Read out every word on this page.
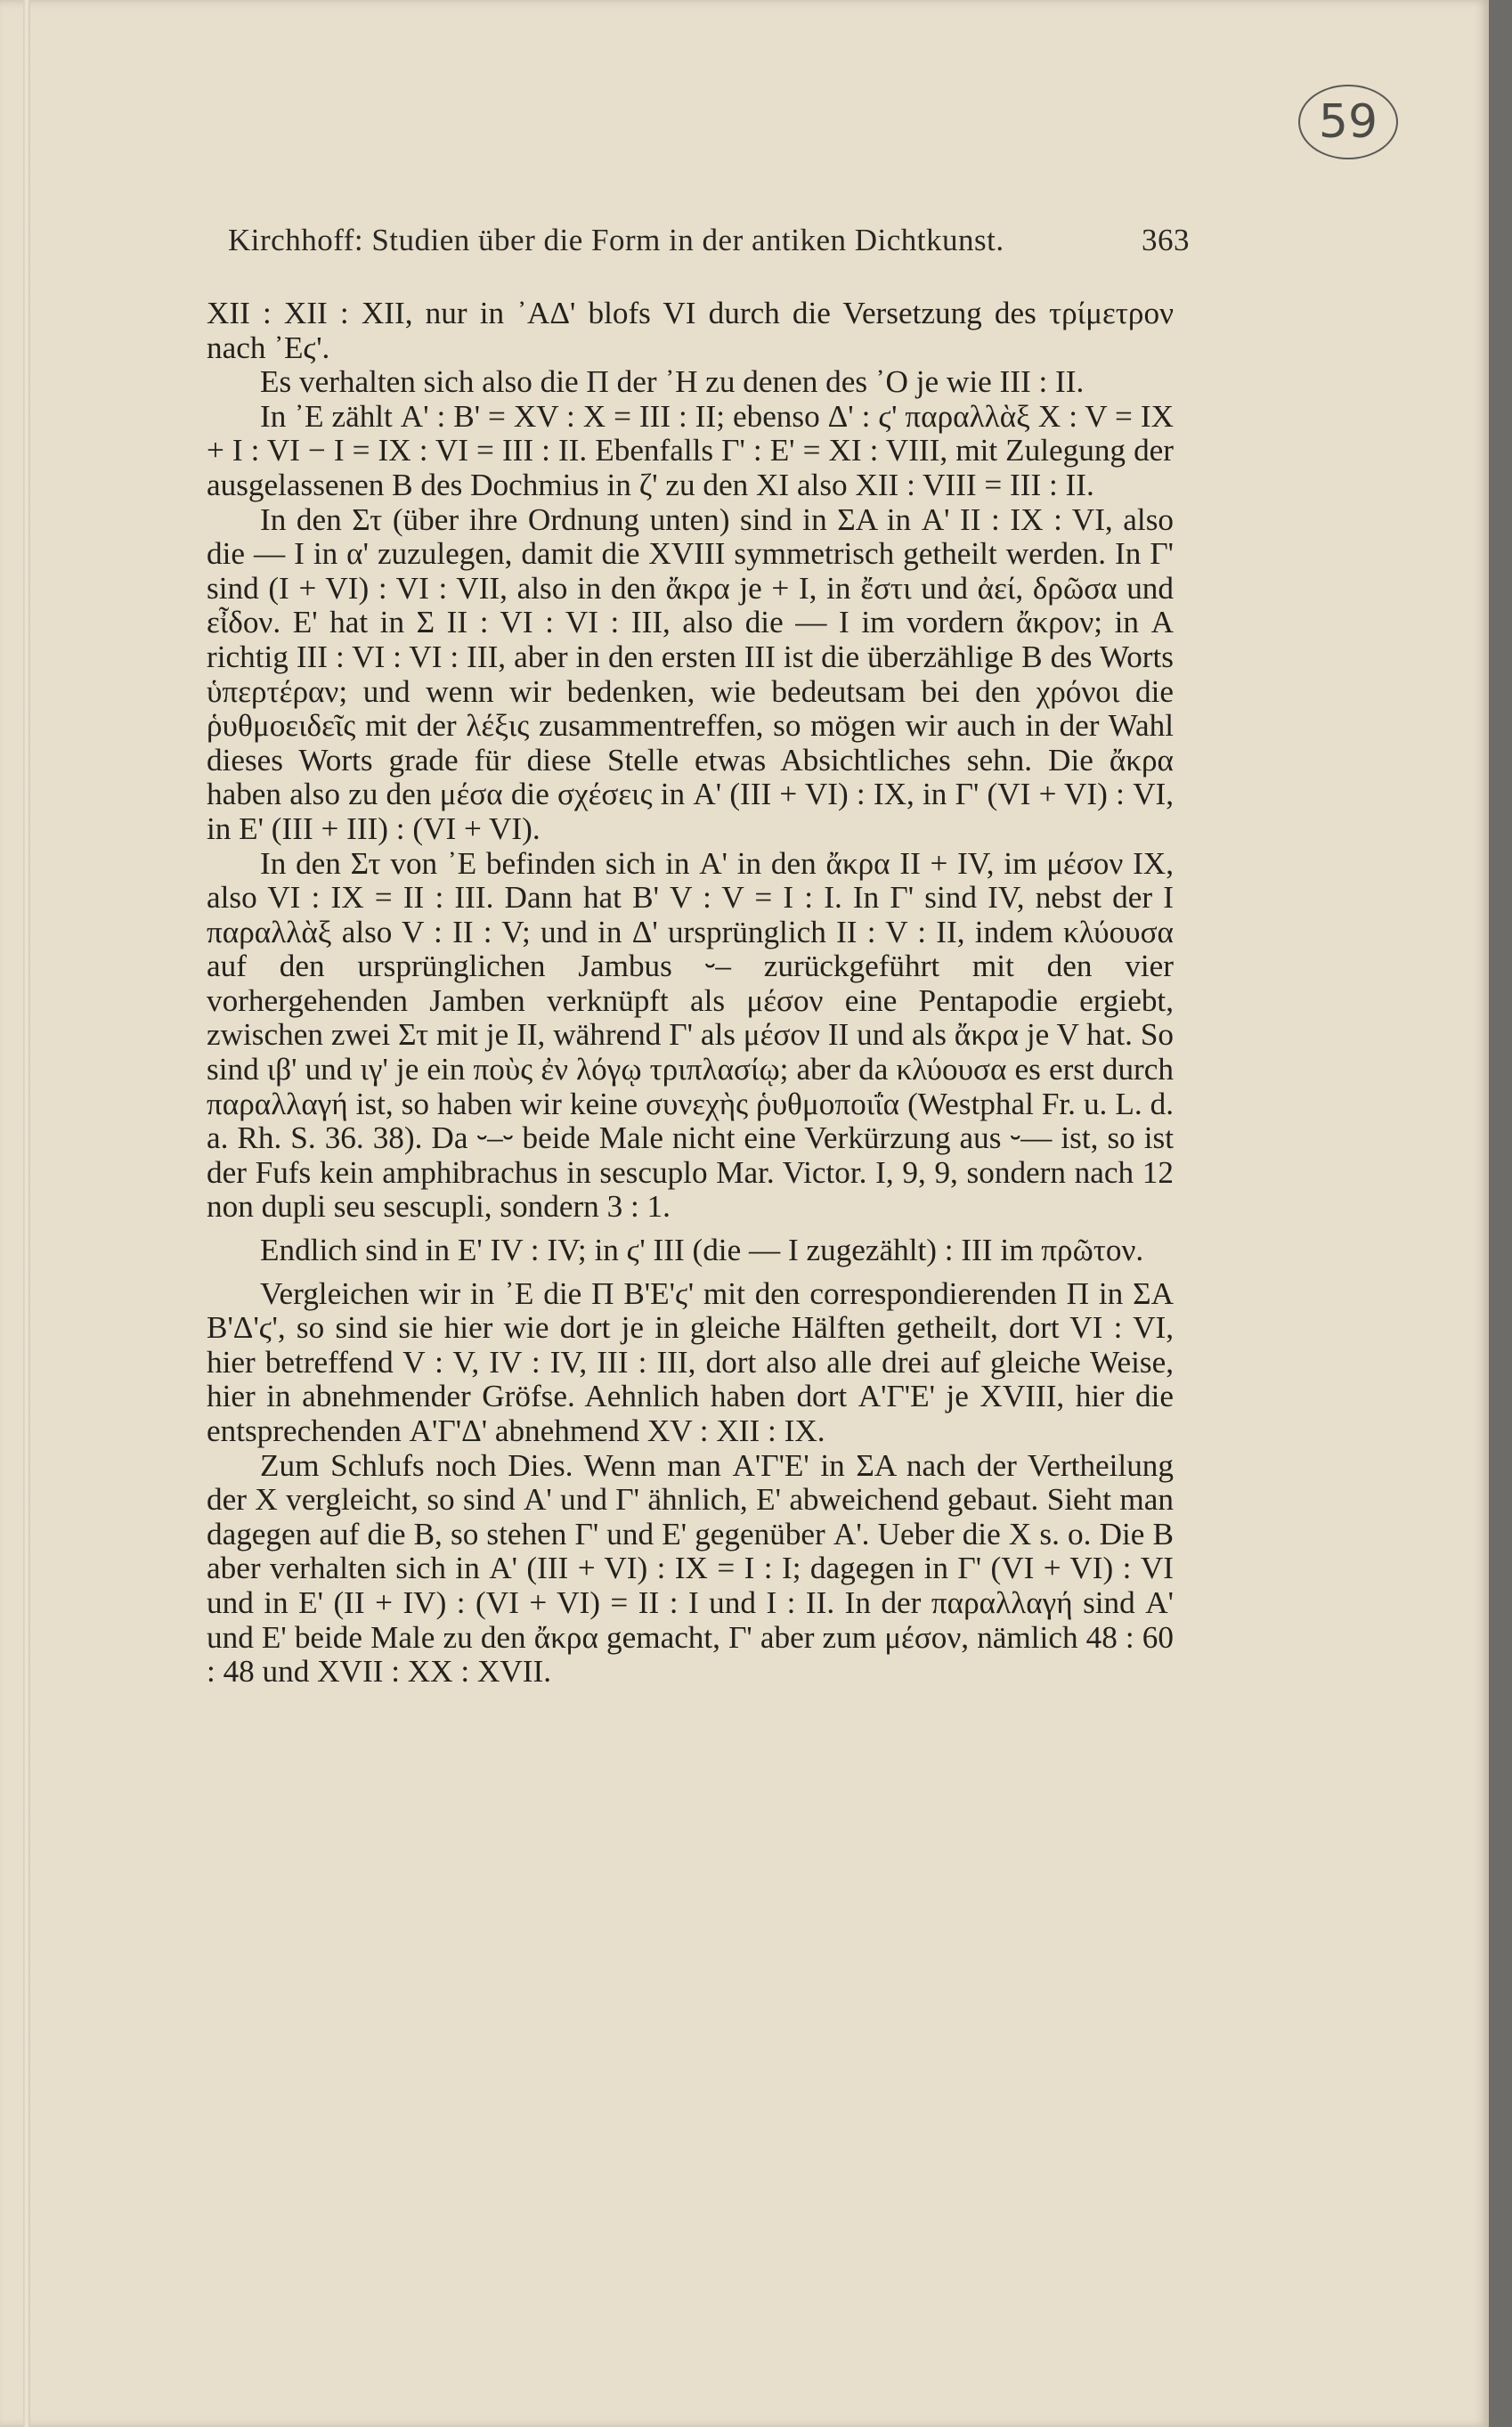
59
Kirchhoff: Studien über die Form in der antiken Dichtkunst.	363

XII : XII : XII, nur in ᾿ΑΔ' blofs VI durch die Versetzung des τρίμετρον nach ᾿Εϛ'.

Es verhalten sich also die Π der ᾿Η zu denen des ᾿Ο je wie III : II.

In ᾿Ε zählt Α' : Β' = XV : X = III : II; ebenso Δ' : ϛ' παραλλὰξ X : V = IX + I : VI − I = IX : VI = III : II. Ebenfalls Γ' : Ε' = XI : VIII, mit Zulegung der ausgelassenen Β des Dochmius in ζ' zu den XI also XII : VIII = III : II.

In den Στ (über ihre Ordnung unten) sind in ΣΑ in Α' II : IX : VI, also die — I in α' zuzulegen, damit die XVIII symmetrisch getheilt werden. In Γ' sind (I + VI) : VI : VII, also in den ἄκρα je + I, in ἔστι und ἀεί, δρῶσα und εἶδον. Ε' hat in Σ II : VI : VI : III, also die — I im vordern ἄκρον; in Α richtig III : VI : VI : III, aber in den ersten III ist die überzählige Β des Worts ὑπερτέραν; und wenn wir bedenken, wie bedeutsam bei den χρόνοι die ῥυθμοειδεῖς mit der λέξις zusammentreffen, so mögen wir auch in der Wahl dieses Worts grade für diese Stelle etwas Absichtliches sehn. Die ἄκρα haben also zu den μέσα die σχέσεις in Α' (III + VI) : IX, in Γ' (VI + VI) : VI, in Ε' (III + III) : (VI + VI).

In den Στ von ᾿Ε befinden sich in Α' in den ἄκρα II + IV, im μέσον IX, also VI : IX = II : III. Dann hat Β' V : V = I : I. In Γ' sind IV, nebst der I παραλλὰξ also V : II : V; und in Δ' ursprünglich II : V : II, indem κλύουσα auf den ursprünglichen Jambus ⏑– zurückgeführt mit den vier vorhergehenden Jamben verknüpft als μέσον eine Pentapodie ergiebt, zwischen zwei Στ mit je II, während Γ' als μέσον II und als ἄκρα je V hat. So sind ιβ' und ιγ' je ein ποὺς ἐν λόγῳ τριπλασίῳ; aber da κλύουσα es erst durch παραλλαγή ist, so haben wir keine συνεχὴς ῥυθμοποιΐα (Westphal Fr. u. L. d. a. Rh. S. 36. 38). Da ⏑–⏑ beide Male nicht eine Verkürzung aus ⏑–– ist, so ist der Fufs kein amphibrachus in sescuplo Mar. Victor. I, 9, 9, sondern nach 12 non dupli seu sescupli, sondern 3 : 1.

Endlich sind in Ε' IV : IV; in ϛ' III (die — I zugezählt) : III im πρῶτον.

Vergleichen wir in ᾿Ε die Π Β'Ε'ϛ' mit den correspondierenden Π in ΣΑ Β'Δ'ϛ', so sind sie hier wie dort je in gleiche Hälften getheilt, dort VI : VI, hier betreffend V : V, IV : IV, III : III, dort also alle drei auf gleiche Weise, hier in abnehmender Gröfse. Aehnlich haben dort Α'Γ'Ε' je XVIII, hier die entsprechenden Α'Γ'Δ' abnehmend XV : XII : IX.

Zum Schlufs noch Dies. Wenn man Α'Γ'Ε' in ΣΑ nach der Vertheilung der X vergleicht, so sind Α' und Γ' ähnlich, Ε' abweichend gebaut. Sieht man dagegen auf die Β, so stehen Γ' und Ε' gegenüber Α'. Ueber die X s. o. Die Β aber verhalten sich in Α' (III + VI) : IX = I : I; dagegen in Γ' (VI + VI) : VI und in Ε' (II + IV) : (VI + VI) = II : I und I : II. In der παραλλαγή sind Α' und Ε' beide Male zu den ἄκρα gemacht, Γ' aber zum μέσον, nämlich 48 : 60 : 48 und XVII : XX : XVII.
